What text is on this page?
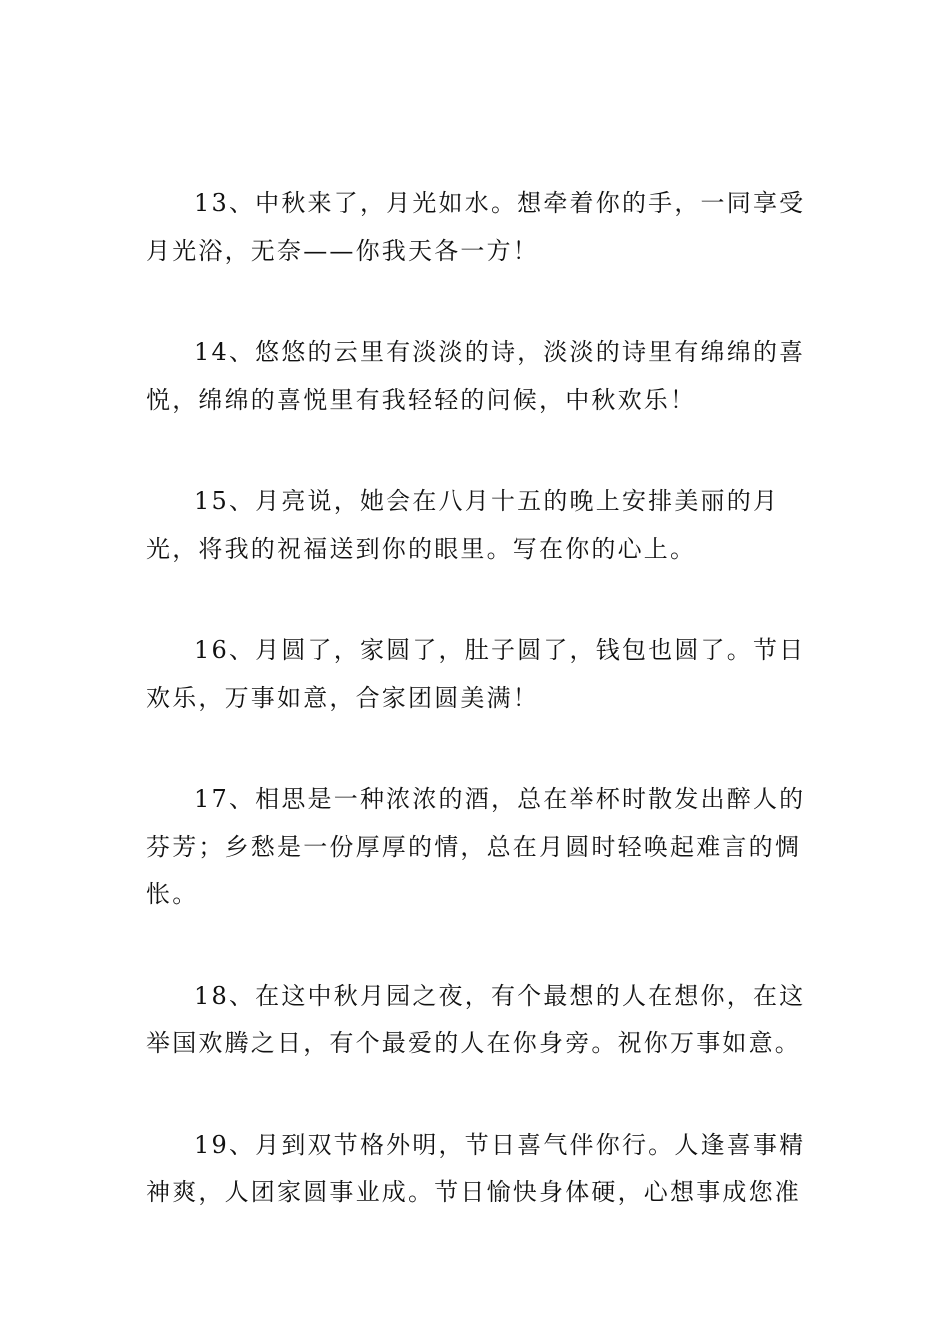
13、中秋来了，月光如水。想牵着你的手，一同享受月光浴，无奈——你我天各一方！

14、悠悠的云里有淡淡的诗，淡淡的诗里有绵绵的喜悦，绵绵的喜悦里有我轻轻的问候，中秋欢乐！

15、月亮说，她会在八月十五的晚上安排美丽的月光，将我的祝福送到你的眼里。写在你的心上。

16、月圆了，家圆了，肚子圆了，钱包也圆了。节日欢乐，万事如意，合家团圆美满！

17、相思是一种浓浓的酒，总在举杯时散发出醉人的芬芳；乡愁是一份厚厚的情，总在月圆时轻唤起难言的惆怅。

18、在这中秋月园之夜，有个最想的人在想你，在这举国欢腾之日，有个最爱的人在你身旁。祝你万事如意。

19、月到双节格外明，节日喜气伴你行。人逢喜事精神爽，人团家圆事业成。节日愉快身体硬，心想事成您准
